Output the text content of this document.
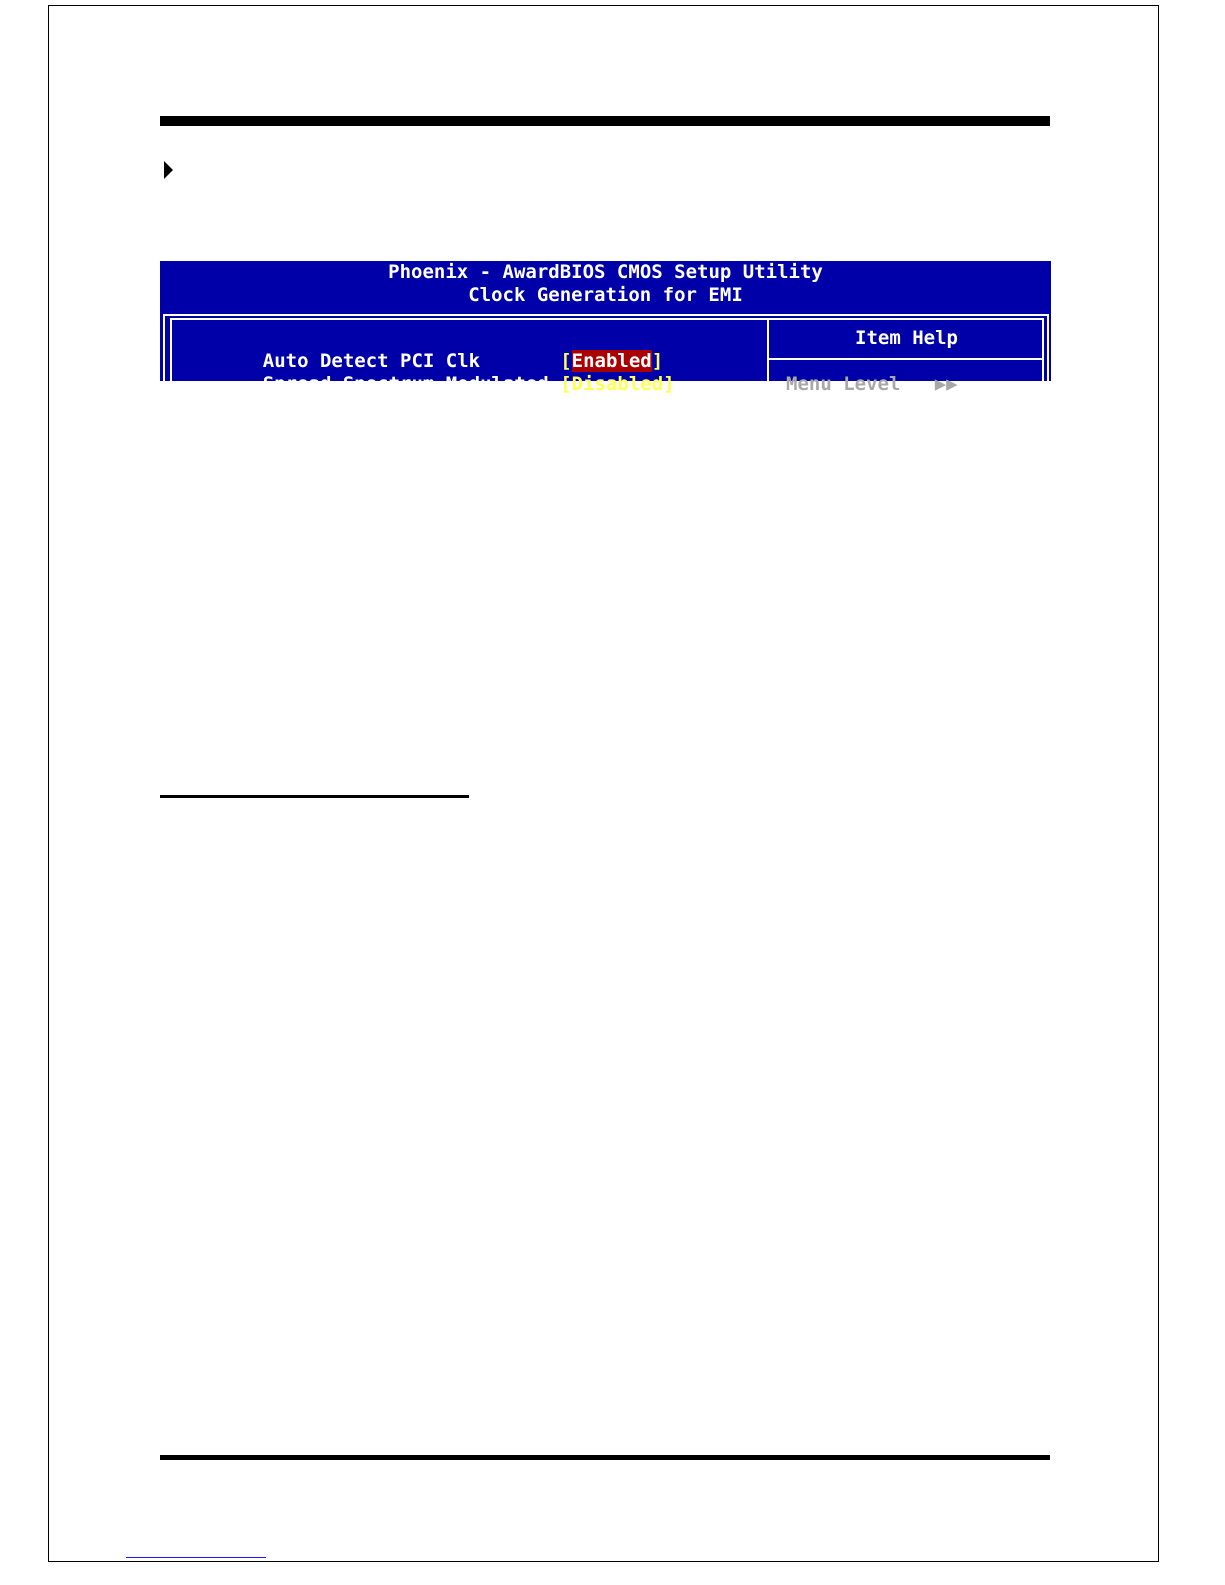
Phoenix - AwardBIOS CMOS Setup Utility
Clock Generation for EMI

Auto Detect PCI Clk	[Enabled]

Spread Spectrum Modulated [Disabled]

Item Help
Menu Level   ▶▶
